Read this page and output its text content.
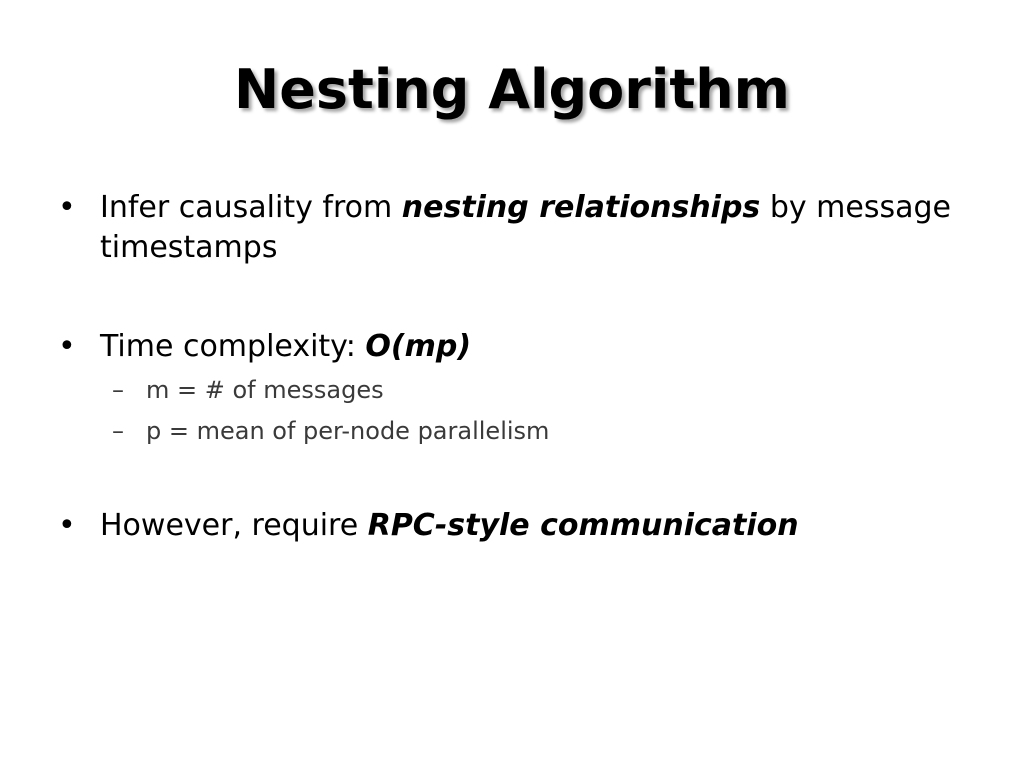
Nesting Algorithm
• Infer causality from nesting relationships by message timestamps
• Time complexity: O(mp)
– m = # of messages
– p = mean of per-node parallelism
• However, require RPC-style communication
